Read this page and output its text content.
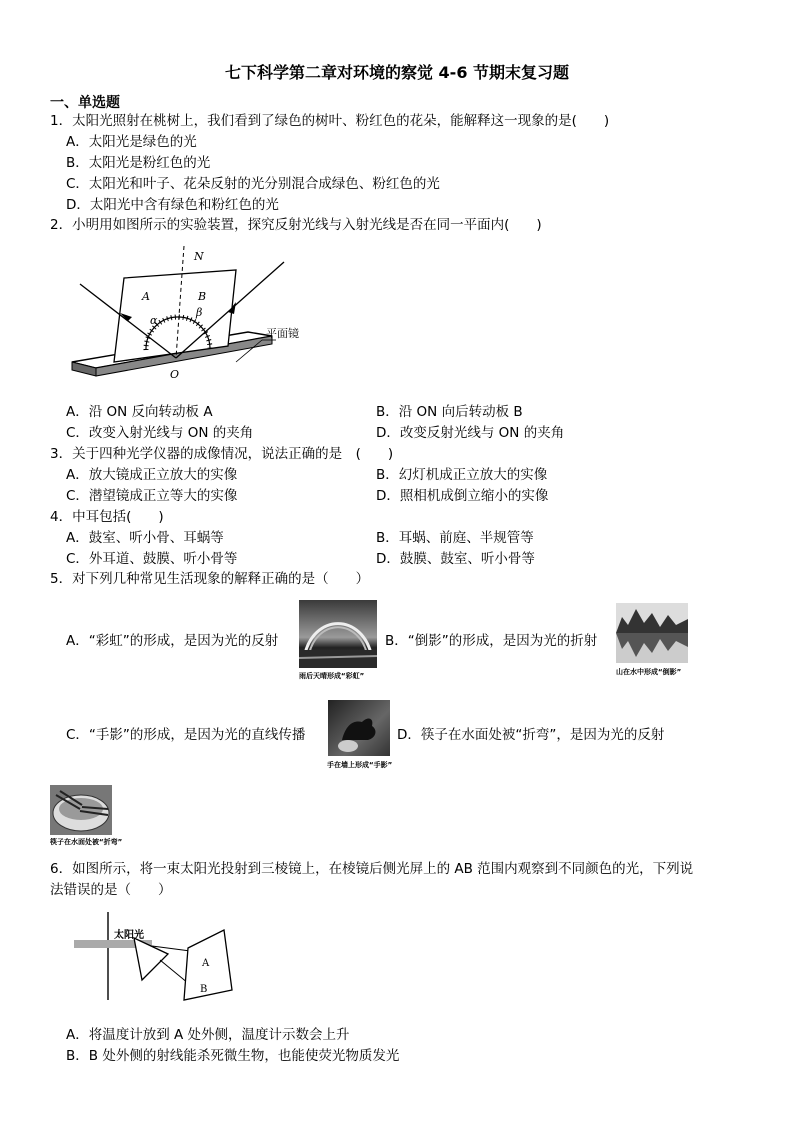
七下科学第二章对环境的察觉 4-6 节期末复习题
一、单选题
1．太阳光照射在桃树上，我们看到了绿色的树叶、粉红色的花朵，能解释这一现象的是(　　)
A．太阳光是绿色的光
B．太阳光是粉红色的光
C．太阳光和叶子、花朵反射的光分别混合成绿色、粉红色的光
D．太阳光中含有绿色和粉红色的光
2．小明用如图所示的实验装置，探究反射光线与入射光线是否在同一平面内(　　)
N
A	B
α
β
O
平面镜
A．沿 ON 反向转动板 A	B．沿 ON 向后转动板 B
C．改变入射光线与 ON 的夹角	D．改变反射光线与 ON 的夹角
3．关于四种光学仪器的成像情况，说法正确的是　(　　)
A．放大镜成正立放大的实像	B．幻灯机成正立放大的实像
C．潜望镜成正立等大的实像	D．照相机成倒立缩小的实像
4．中耳包括(　　)
A．鼓室、听小骨、耳蜗等	B．耳蜗、前庭、半规管等
C．外耳道、鼓膜、听小骨等	D．鼓膜、鼓室、听小骨等
5．对下列几种常见生活现象的解释正确的是（　　）
A．“彩虹”的形成，是因为光的反射
雨后天晴形成“彩虹”
B．“倒影”的形成，是因为光的折射
山在水中形成“倒影”
C．“手影”的形成，是因为光的直线传播
手在墙上形成“手影”
D．筷子在水面处被“折弯”，是因为光的反射
筷子在水面处被“折弯”
6．如图所示，将一束太阳光投射到三棱镜上，在棱镜后侧光屏上的 AB 范围内观察到不同颜色的光，下列说
法错误的是（　　）
太阳光
A
B
A．将温度计放到 A 处外侧，温度计示数会上升
B．B 处外侧的射线能杀死微生物，也能使荧光物质发光
